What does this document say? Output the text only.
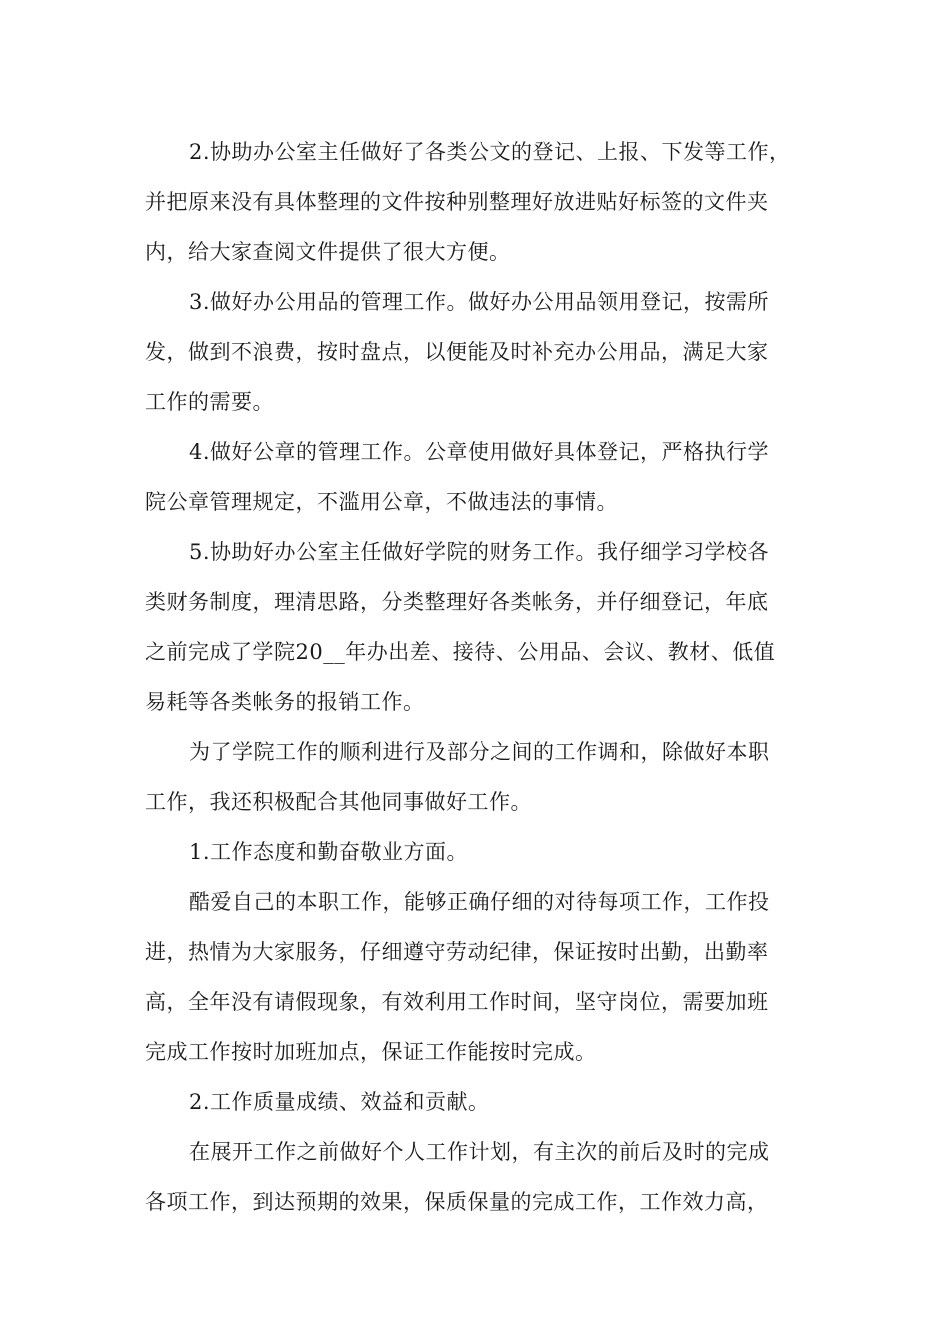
2.协助办公室主任做好了各类公文的登记、上报、下发等工作，
并把原来没有具体整理的文件按种别整理好放进贴好标签的文件夹
内，给大家查阅文件提供了很大方便。
3.做好办公用品的管理工作。做好办公用品领用登记，按需所
发，做到不浪费，按时盘点，以便能及时补充办公用品，满足大家
工作的需要。
4.做好公章的管理工作。公章使用做好具体登记，严格执行学
院公章管理规定，不滥用公章，不做违法的事情。
5.协助好办公室主任做好学院的财务工作。我仔细学习学校各
类财务制度，理清思路，分类整理好各类帐务，并仔细登记，年底
之前完成了学院20__年办出差、接待、公用品、会议、教材、低值
易耗等各类帐务的报销工作。
为了学院工作的顺利进行及部分之间的工作调和，除做好本职
工作，我还积极配合其他同事做好工作。
1.工作态度和勤奋敬业方面。
酷爱自己的本职工作，能够正确仔细的对待每项工作，工作投
进，热情为大家服务，仔细遵守劳动纪律，保证按时出勤，出勤率
高，全年没有请假现象，有效利用工作时间，坚守岗位，需要加班
完成工作按时加班加点，保证工作能按时完成。
2.工作质量成绩、效益和贡献。
在展开工作之前做好个人工作计划，有主次的前后及时的完成
各项工作，到达预期的效果，保质保量的完成工作，工作效力高，
